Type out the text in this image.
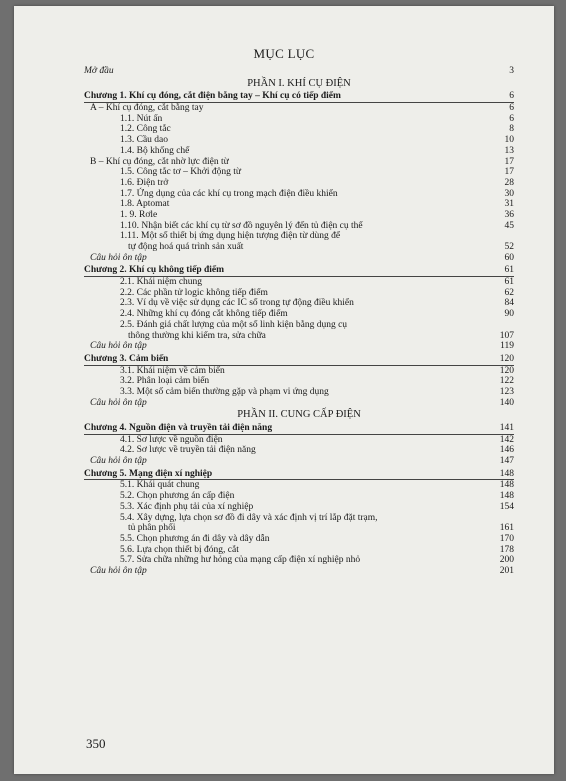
MỤC LỤC
Mở đầu	3
PHẦN I. KHÍ CỤ ĐIỆN
Chương 1. Khí cụ đóng, cắt điện bằng tay – Khí cụ có tiếp điểm	6
A – Khí cụ đóng, cắt bằng tay	6
1.1. Nút ấn	6
1.2. Công tắc	8
1.3. Cầu dao	10
1.4. Bộ khống chế	13
B – Khí cụ đóng, cắt nhờ lực điện từ	17
1.5. Công tắc tơ – Khởi động từ	17
1.6. Điện trở	28
1.7. Ứng dụng của các khí cụ trong mạch điện điều khiển	30
1.8. Aptomat	31
1. 9. Rơle	36
1.10. Nhận biết các khí cụ từ sơ đồ nguyên lý đến tủ điện cụ thể	45
1.11. Một số thiết bị ứng dụng hiện tượng điện từ dùng để
tự động hoá quá trình sản xuất	52
Câu hỏi ôn tập	60
Chương 2. Khí cụ không tiếp điểm	61
2.1. Khái niệm chung	61
2.2. Các phần tử logic không tiếp điểm	62
2.3. Ví dụ về việc sử dụng các IC số trong tự động điều khiển	84
2.4. Những khí cụ đóng cắt không tiếp điểm	90
2.5. Đánh giá chất lượng của một số linh kiện bằng dụng cụ
thông thường khi kiểm tra, sửa chữa	107
Câu hỏi ôn tập	119
Chương 3. Cảm biến	120
3.1. Khái niệm về cảm biến	120
3.2. Phân loại cảm biến	122
3.3. Một số cảm biến thường gặp và phạm vi ứng dụng	123
Câu hỏi ôn tập	140
PHẦN II. CUNG CẤP ĐIỆN
Chương 4. Nguồn điện và truyền tải điện năng	141
4.1. Sơ lược về nguồn điện	142
4.2. Sơ lược về truyền tải điện năng	146
Câu hỏi ôn tập	147
Chương 5. Mạng điện xí nghiệp	148
5.1. Khái quát chung	148
5.2. Chọn phương án cấp điện	148
5.3. Xác định phụ tải của xí nghiệp	154
5.4. Xây dựng, lựa chọn sơ đồ đi dây và xác định vị trí lắp đặt trạm,
tủ phân phối	161
5.5. Chọn phương án đi dây và dây dẫn	170
5.6. Lựa chọn thiết bị đóng, cắt	178
5.7. Sửa chữa những hư hỏng của mạng cấp điện xí nghiệp nhỏ	200
Câu hỏi ôn tập	201
350
